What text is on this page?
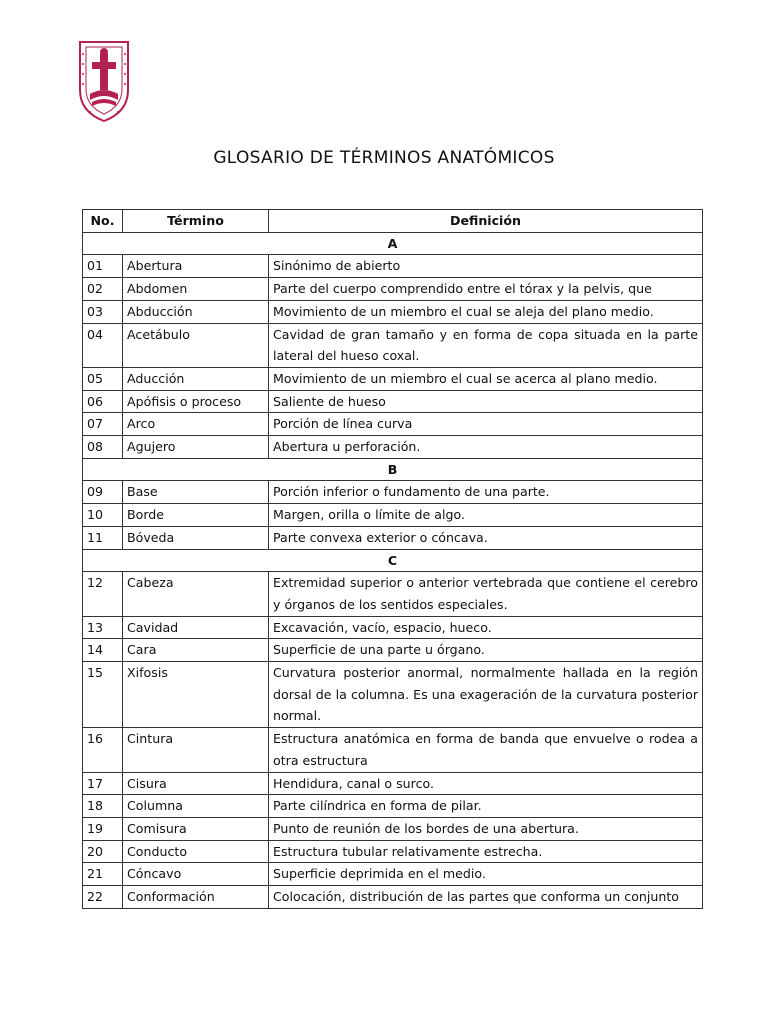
GLOSARIO DE TÉRMINOS ANATÓMICOS
No.	Término	Definición
A		
01	Abertura	Sinónimo de abierto
02	Abdomen	Parte del cuerpo comprendido entre el tórax y la pelvis, que
03	Abducción	Movimiento de un miembro el cual se aleja del plano medio.
04	Acetábulo	Cavidad de gran tamaño y en forma de copa situada en la parte lateral del hueso coxal.
05	Aducción	Movimiento de un miembro el cual se acerca al plano medio.
06	Apófisis o proceso	Saliente de hueso
07	Arco	Porción de línea curva
08	Agujero	Abertura u perforación.
B		
09	Base	Porción inferior o fundamento de una parte.
10	Borde	Margen, orilla o límite de algo.
11	Bóveda	Parte convexa exterior o cóncava.
C		
12	Cabeza	Extremidad superior o anterior vertebrada que contiene el cerebro y órganos de los sentidos especiales.
13	Cavidad	Excavación, vacío, espacio, hueco.
14	Cara	Superficie de una parte u órgano.
15	Xifosis	Curvatura posterior anormal, normalmente hallada en la región dorsal de la columna. Es una exageración de la curvatura posterior normal.
16	Cintura	Estructura anatómica en forma de banda que envuelve o rodea a otra estructura
17	Cisura	Hendidura, canal o surco.
18	Columna	Parte cilíndrica en forma de pilar.
19	Comisura	Punto de reunión de los bordes de una abertura.
20	Conducto	Estructura tubular relativamente estrecha.
21	Cóncavo	Superficie deprimida en el medio.
22	Conformación	Colocación, distribución de las partes que conforma un conjunto
